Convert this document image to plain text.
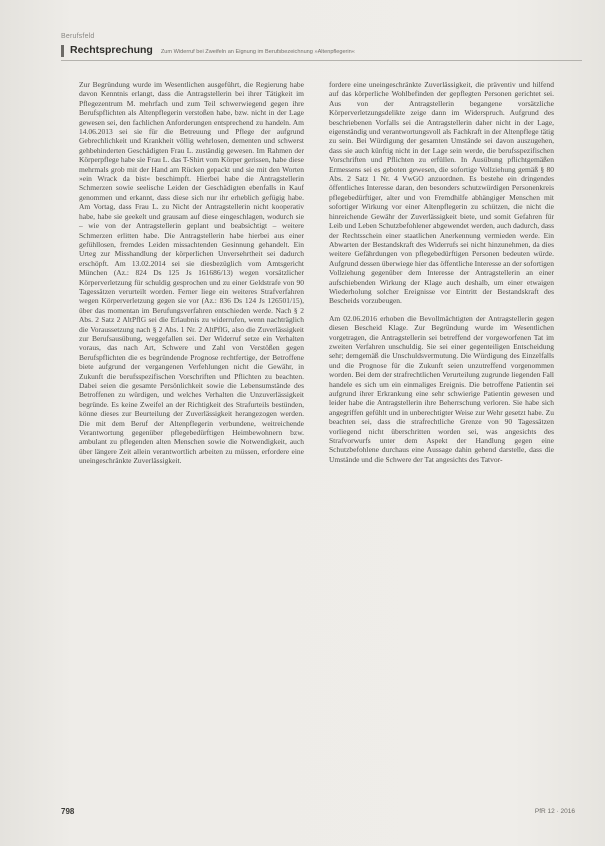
Berufsfeld
Rechtsprechung Zum Widerruf bei Zweifeln an Eignung im Berufsbezeichnung »Altenpflegerin«

Zur Begründung wurde im Wesentlichen ausgeführt, die Regierung habe davon Kenntnis erlangt, dass die Antragstellerin bei ihrer Tätigkeit im Pflegezentrum M. mehrfach und zum Teil schwerwiegend gegen ihre Berufspflichten als Altenpflegerin verstoßen habe, bzw. nicht in der Lage gewesen sei, den fachlichen Anforderungen entsprechend zu handeln. Am 14.06.2013 sei sie für die Betreuung und Pflege der aufgrund Gebrechlichkeit und Krankheit völlig wehrlosen, dementen und schwerst gehbehinderten Geschädigten Frau L. zuständig gewesen. Im Rahmen der Körperpflege habe sie Frau L. das T-Shirt vom Körper gerissen, habe diese mehrmals grob mit der Hand am Rücken gepackt und sie mit den Worten »ein Wrack da bist« beschimpft. Hierbei habe die Antragstellerin Schmerzen sowie seelische Leiden der Geschädigten ebenfalls in Kauf genommen und erkannt, dass diese sich nur ihr erheblich gefügig habe. Am Vortag, dass Frau L. zu Nicht der Antragstellerin nicht kooperativ habe, habe sie geekelt und grausam auf diese eingeschlagen, wodurch sie – wie von der Antragstellerin geplant und beabsichtigt – weitere Schmerzen erlitten habe. Die Antragstellerin habe hierbei aus einer gefühllosen, fremdes Leiden missachtenden Gesinnung gehandelt. Ein Urteg zur Misshandlung der körperlichen Unversehrtheit sei dadurch erschöpft. Am 13.02.2014 sei sie diesbezüglich vom Amtsgericht München (Az.: 824 Ds 125 Js 161686/13) wegen vorsätzlicher Körperverletzung für schuldig gesprochen und zu einer Geldstrafe von 90 Tagessätzen verurteilt worden. Ferner liege ein weiteres Strafverfahren wegen Körperverletzung gegen sie vor (Az.: 836 Ds 124 Js 126501/15), über das momentan im Berufungsverfahren entschieden werde. Nach § 2 Abs. 2 Satz 2 AltPflG sei die Erlaubnis zu widerrufen, wenn nachträglich die Voraussetzung nach § 2 Abs. 1 Nr. 2 AltPflG, also die Zuverlässigkeit zur Berufsausübung, weggefallen sei. Der Widerruf setze ein Verhalten voraus, das nach Art, Schwere und Zahl von Verstößen gegen Berufspflichten die es begründende Prognose rechtfertige, der Betroffene biete aufgrund der vergangenen Verfehlungen nicht die Gewähr, in Zukunft die berufsspezifischen Vorschriften und Pflichten zu beachten. Dabei seien die gesamte Persönlichkeit sowie die Lebensumstände des Betroffenen zu würdigen, und welches Verhalten die Unzuverlässigkeit begründe. Es keine Zweifel an der Richtigkeit des Strafurteils bestünden, könne dieses zur Beurteilung der Zuverlässigkeit herangezogen werden. Die mit dem Beruf der Altenpflegerin verbundene, weitreichende Verantwortung gegenüber pflegebedürftigen Heimbewohnern bzw. ambulant zu pflegenden alten Menschen sowie die Notwendigkeit, auch über längere Zeit allein verantwortlich arbeiten zu müssen, erfordere eine uneingeschränkte Zuverlässigkeit.

fordere eine uneingeschränkte Zuverlässigkeit, die präventiv und hilfend auf das körperliche Wohlbefinden der gepflegten Personen gerichtet sei. Aus von der Antragstellerin begangene vorsätzliche Körperverletzungsdelikte zeige dann im Widerspruch. Aufgrund des beschriebenen Vorfalls sei die Antragstellerin daher nicht in der Lage, eigenständig und verantwortungsvoll als Fachkraft in der Altenpflege tätig zu sein. Bei Würdigung der gesamten Umstände sei davon auszugehen, dass sie auch künftig nicht in der Lage sein werde, die berufsspezifischen Vorschriften und Pflichten zu erfüllen. In Ausübung pflichtgemäßen Ermessens sei es geboten gewesen, die sofortige Vollziehung gemäß § 80 Abs. 2 Satz 1 Nr. 4 VwGO anzuordnen. Es bestehe ein dringendes öffentliches Interesse daran, den besonders schutzwürdigen Personenkreis pflegebedürftiger, alter und von Fremdhilfe abhängiger Menschen mit sofortiger Wirkung vor einer Altenpflegerin zu schützen, die nicht die hinreichende Gewähr der Zuverlässigkeit biete, und somit Gefahren für Leib und Leben Schutzbefohlener abgewendet werden, auch dadurch, dass der Rechtsschein einer staatlichen Anerkennung vermieden werde. Ein Abwarten der Bestandskraft des Widerrufs sei nicht hinzunehmen, da dies weitere Gefährdungen von pflegebedürftigen Personen bedeuten würde. Aufgrund dessen überwiege hier das öffentliche Interesse an der sofortigen Vollziehung gegenüber dem Interesse der Antragstellerin an einer aufschiebenden Wirkung der Klage auch deshalb, um einer etwaigen Wiederholung solcher Ereignisse vor Eintritt der Bestandskraft des Bescheids vorzubeugen.

Am 02.06.2016 erhoben die Bevollmächtigten der Antragstellerin gegen diesen Bescheid Klage. Zur Begründung wurde im Wesentlichen vorgetragen, die Antragstellerin sei betreffend der vorgeworfenen Tat im zweiten Verfahren unschuldig. Sie sei einer gegenteiligen Entscheidung sehr; demgemäß die Unschuldsvermutung. Die Würdigung des Einzelfalls und die Prognose für die Zukunft seien unzutreffend vorgenommen worden. Bei dem der strafrechtlichen Verurteilung zugrunde liegenden Fall handele es sich um ein einmaliges Ereignis. Die betroffene Patientin sei aufgrund ihrer Erkrankung eine sehr schwierige Patientin gewesen und leider habe die Antragstellerin ihre Beherrschung verloren. Sie habe sich angegriffen gefühlt und in unberechtigter Weise zur Wehr gesetzt habe. Zu beachten sei, dass die strafrechtliche Grenze von 90 Tagessätzen vorliegend nicht überschritten worden sei, was angesichts des Strafvorwurfs unter dem Aspekt der Handlung gegen eine Schutzbefohlene durchaus eine Aussage dahin gehend darstelle, dass die Umstände und die Schwere der Tat angesichts des Tatvor-

798	PfR 12 · 2016
